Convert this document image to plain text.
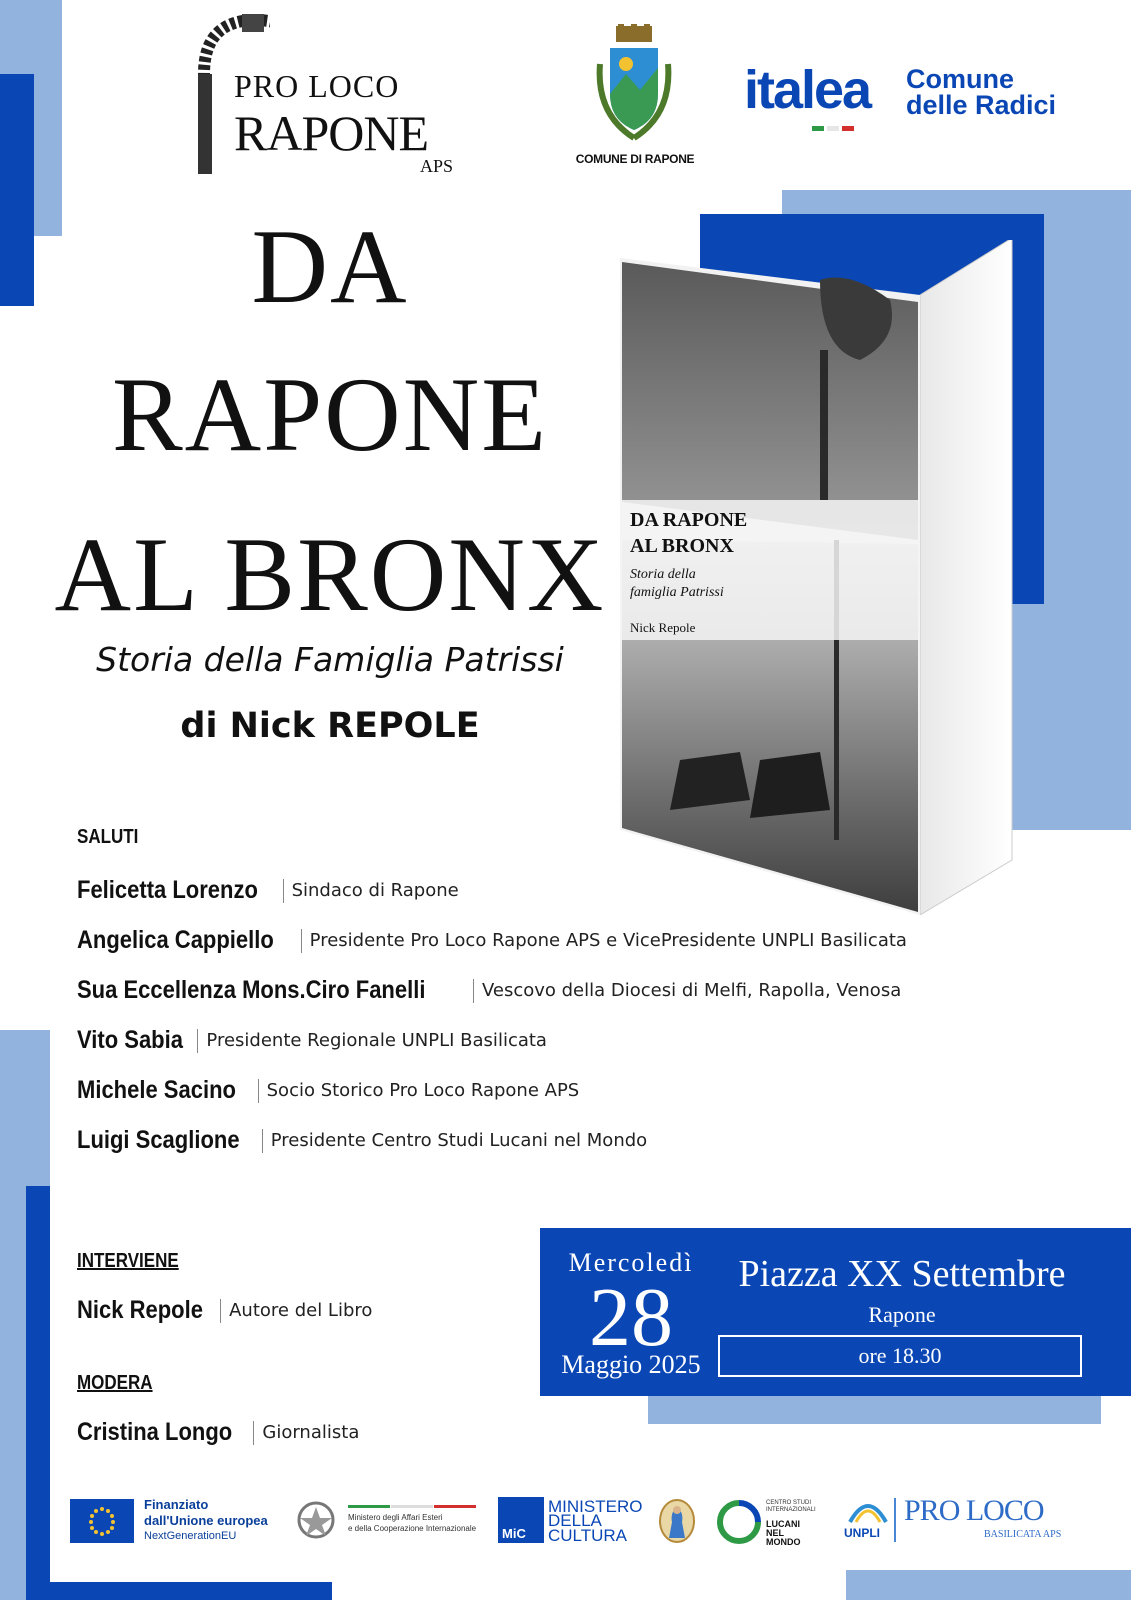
PRO LOCO
RAPONE
APS	COMUNE DI RAPONE
italea Comune
delle Radici
DA
RAPONE
AL BRONX
Storia della Famiglia Patrissi
di Nick REPOLE
DA RAPONE
AL BRONX
Storia della
famiglia Patrissi
Nick Repole
SALUTI
Felicetta Lorenzo Sindaco di Rapone
Angelica Cappiello Presidente Pro Loco Rapone APS e VicePresidente UNPLI Basilicata
Sua Eccellenza Mons.Ciro Fanelli	Vescovo della Diocesi di Melfi, Rapolla, Venosa
Vito Sabia Presidente Regionale UNPLI Basilicata
Michele Sacino Socio Storico Pro Loco Rapone APS
Luigi Scaglione Presidente Centro Studi Lucani nel Mondo
INTERVIENE
Nick Repole Autore del Libro
MODERA
Cristina Longo Giornalista
Mercoledì
28
Maggio 2025
Piazza XX Settembre
Rapone
ore 18.30
Finanziato
dall'Unione europea
NextGenerationEU
Ministero degli Affari Esteri
e della Cooperazione Internazionale MiC
MINISTERO
DELLA
CULTURA
CENTRO STUDI INTERNAZIONALI
LUCANI
NEL
MONDO
UNPLI
PRO LOCO
BASILICATA APS
